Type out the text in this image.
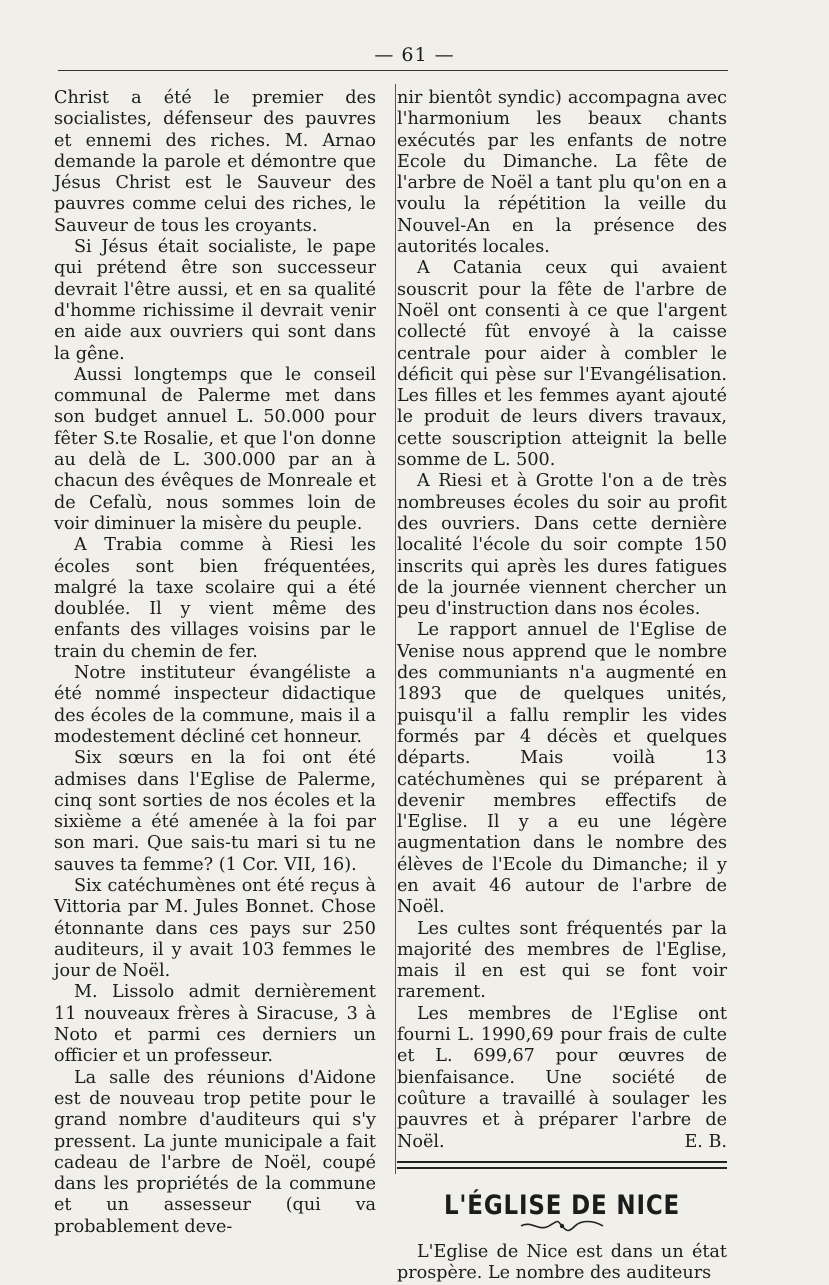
— 61 —

Christ a été le premier des socialistes, défenseur des pauvres et ennemi des riches. M. Arnao demande la parole et démontre que Jésus Christ est le Sauveur des pauvres comme celui des riches, le Sauveur de tous les croyants.

Si Jésus était socialiste, le pape qui prétend être son successeur devrait l'être aussi, et en sa qualité d'homme richissime il devrait venir en aide aux ouvriers qui sont dans la gêne.

Aussi longtemps que le conseil communal de Palerme met dans son budget annuel L. 50.000 pour fêter S.te Rosalie, et que l'on donne au delà de L. 300.000 par an à chacun des évêques de Monreale et de Cefalù, nous sommes loin de voir diminuer la misère du peuple.

A Trabia comme à Riesi les écoles sont bien fréquentées, malgré la taxe scolaire qui a été doublée. Il y vient même des enfants des villages voisins par le train du chemin de fer.

Notre instituteur évangéliste a été nommé inspecteur didactique des écoles de la commune, mais il a modestement décliné cet honneur.

Six sœurs en la foi ont été admises dans l'Eglise de Palerme, cinq sont sorties de nos écoles et la sixième a été amenée à la foi par son mari. Que sais-tu mari si tu ne sauves ta femme? (1 Cor. VII, 16).

Six catéchumènes ont été reçus à Vittoria par M. Jules Bonnet. Chose étonnante dans ces pays sur 250 auditeurs, il y avait 103 femmes le jour de Noël.

M. Lissolo admit dernièrement 11 nouveaux frères à Siracuse, 3 à Noto et parmi ces derniers un officier et un professeur.

La salle des réunions d'Aidone est de nouveau trop petite pour le grand nombre d'auditeurs qui s'y pressent. La junte municipale a fait cadeau de l'arbre de Noël, coupé dans les propriétés de la commune et un assesseur (qui va probablement deve-

nir bientôt syndic) accompagna avec l'harmonium les beaux chants exécutés par les enfants de notre Ecole du Dimanche. La fête de l'arbre de Noël a tant plu qu'on en a voulu la répétition la veille du Nouvel-An en la présence des autorités locales.

A Catania ceux qui avaient souscrit pour la fête de l'arbre de Noël ont consenti à ce que l'argent collecté fût envoyé à la caisse centrale pour aider à combler le déficit qui pèse sur l'Evangélisation. Les filles et les femmes ayant ajouté le produit de leurs divers travaux, cette souscription atteignit la belle somme de L. 500.

A Riesi et à Grotte l'on a de très nombreuses écoles du soir au profit des ouvriers. Dans cette dernière localité l'école du soir compte 150 inscrits qui après les dures fatigues de la journée viennent chercher un peu d'instruction dans nos écoles.

Le rapport annuel de l'Eglise de Venise nous apprend que le nombre des communiants n'a augmenté en 1893 que de quelques unités, puisqu'il a fallu remplir les vides formés par 4 décès et quelques départs. Mais voilà 13 catéchumènes qui se préparent à devenir membres effectifs de l'Eglise. Il y a eu une légère augmentation dans le nombre des élèves de l'Ecole du Dimanche; il y en avait 46 autour de l'arbre de Noël.

Les cultes sont fréquentés par la majorité des membres de l'Eglise, mais il en est qui se font voir rarement.

Les membres de l'Eglise ont fourni L. 1990,69 pour frais de culte et L. 699,67 pour œuvres de bienfaisance. Une société de coûture a travaillé à soulager les pauvres et à préparer l'arbre de Noël.	E. B.

L'ÉGLISE DE NICE

L'Eglise de Nice est dans un état prospère. Le nombre des auditeurs
